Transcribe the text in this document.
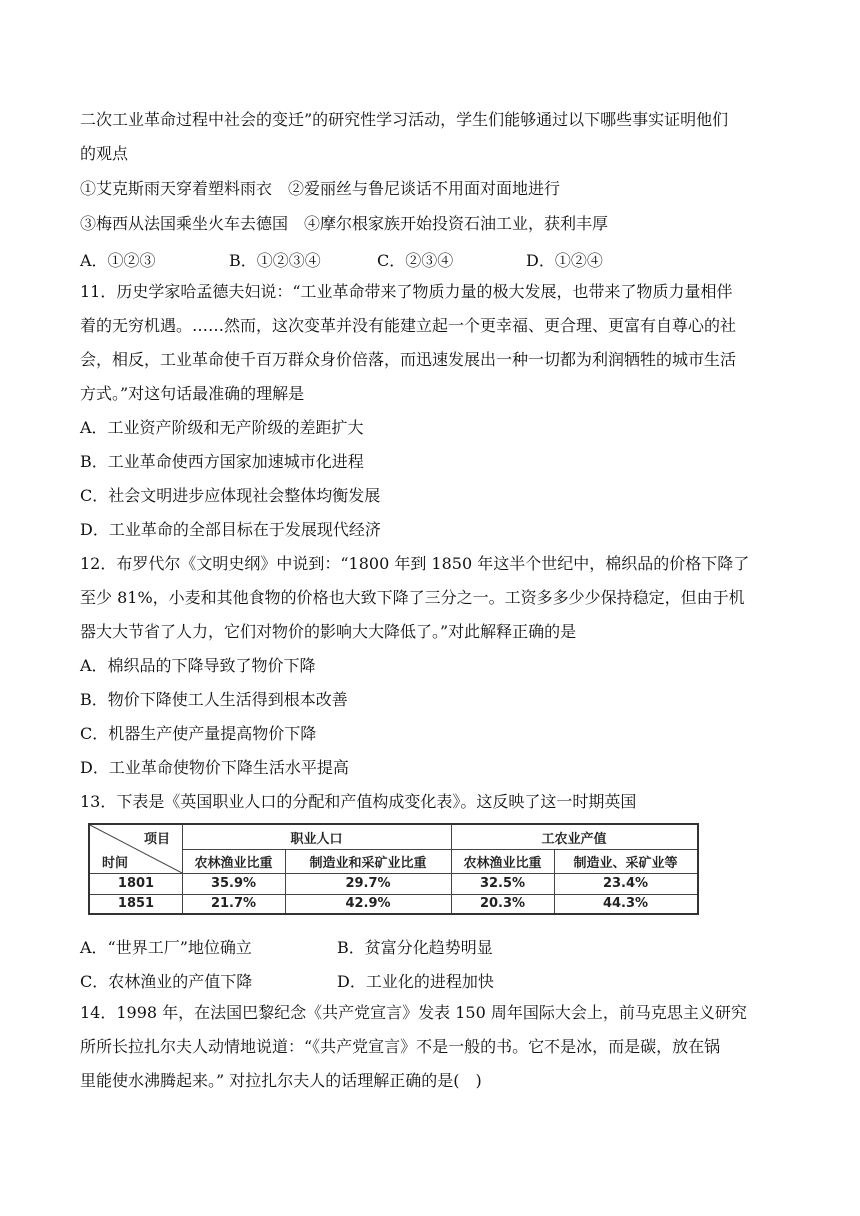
二次工业革命过程中社会的变迁”的研究性学习活动，学生们能够通过以下哪些事实证明他们
的观点
①艾克斯雨天穿着塑料雨衣　②爱丽丝与鲁尼谈话不用面对面地进行
③梅西从法国乘坐火车去德国　④摩尔根家族开始投资石油工业，获利丰厚
A．①②③	B．①②③④	C．②③④	D．①②④
11．历史学家哈孟德夫妇说：“工业革命带来了物质力量的极大发展，也带来了物质力量相伴
着的无穷机遇。……然而，这次变革并没有能建立起一个更幸福、更合理、更富有自尊心的社
会，相反，工业革命使千百万群众身价倍落，而迅速发展出一种一切都为利润牺牲的城市生活
方式。”对这句话最准确的理解是
A．工业资产阶级和无产阶级的差距扩大
B．工业革命使西方国家加速城市化进程
C．社会文明进步应体现社会整体均衡发展
D．工业革命的全部目标在于发展现代经济
12．布罗代尔《文明史纲》中说到：“1800 年到 1850 年这半个世纪中，棉织品的价格下降了
至少 81%，小麦和其他食物的价格也大致下降了三分之一。工资多多少少保持稳定，但由于机
器大大节省了人力，它们对物价的影响大大降低了。”对此解释正确的是
A．棉织品的下降导致了物价下降
B．物价下降使工人生活得到根本改善
C．机器生产使产量提高物价下降
D．工业革命使物价下降生活水平提高
13．下表是《英国职业人口的分配和产值构成变化表》。这反映了这一时期英国
项目
时间
职业人口	工农业产值
农林渔业比重	制造业和采矿业比重	农林渔业比重	制造业、采矿业等
1801	35.9%	29.7%	32.5%	23.4%
1851	21.7%	42.9%	20.3%	44.3%
A．“世界工厂”地位确立	B．贫富分化趋势明显
C．农林渔业的产值下降	D．工业化的进程加快
14．1998 年，在法国巴黎纪念《共产党宣言》发表 150 周年国际大会上，前马克思主义研究
所所长拉扎尔夫人动情地说道：“《共产党宣言》不是一般的书。它不是冰，而是碳，放在锅
里能使水沸腾起来。” 对拉扎尔夫人的话理解正确的是(　)
